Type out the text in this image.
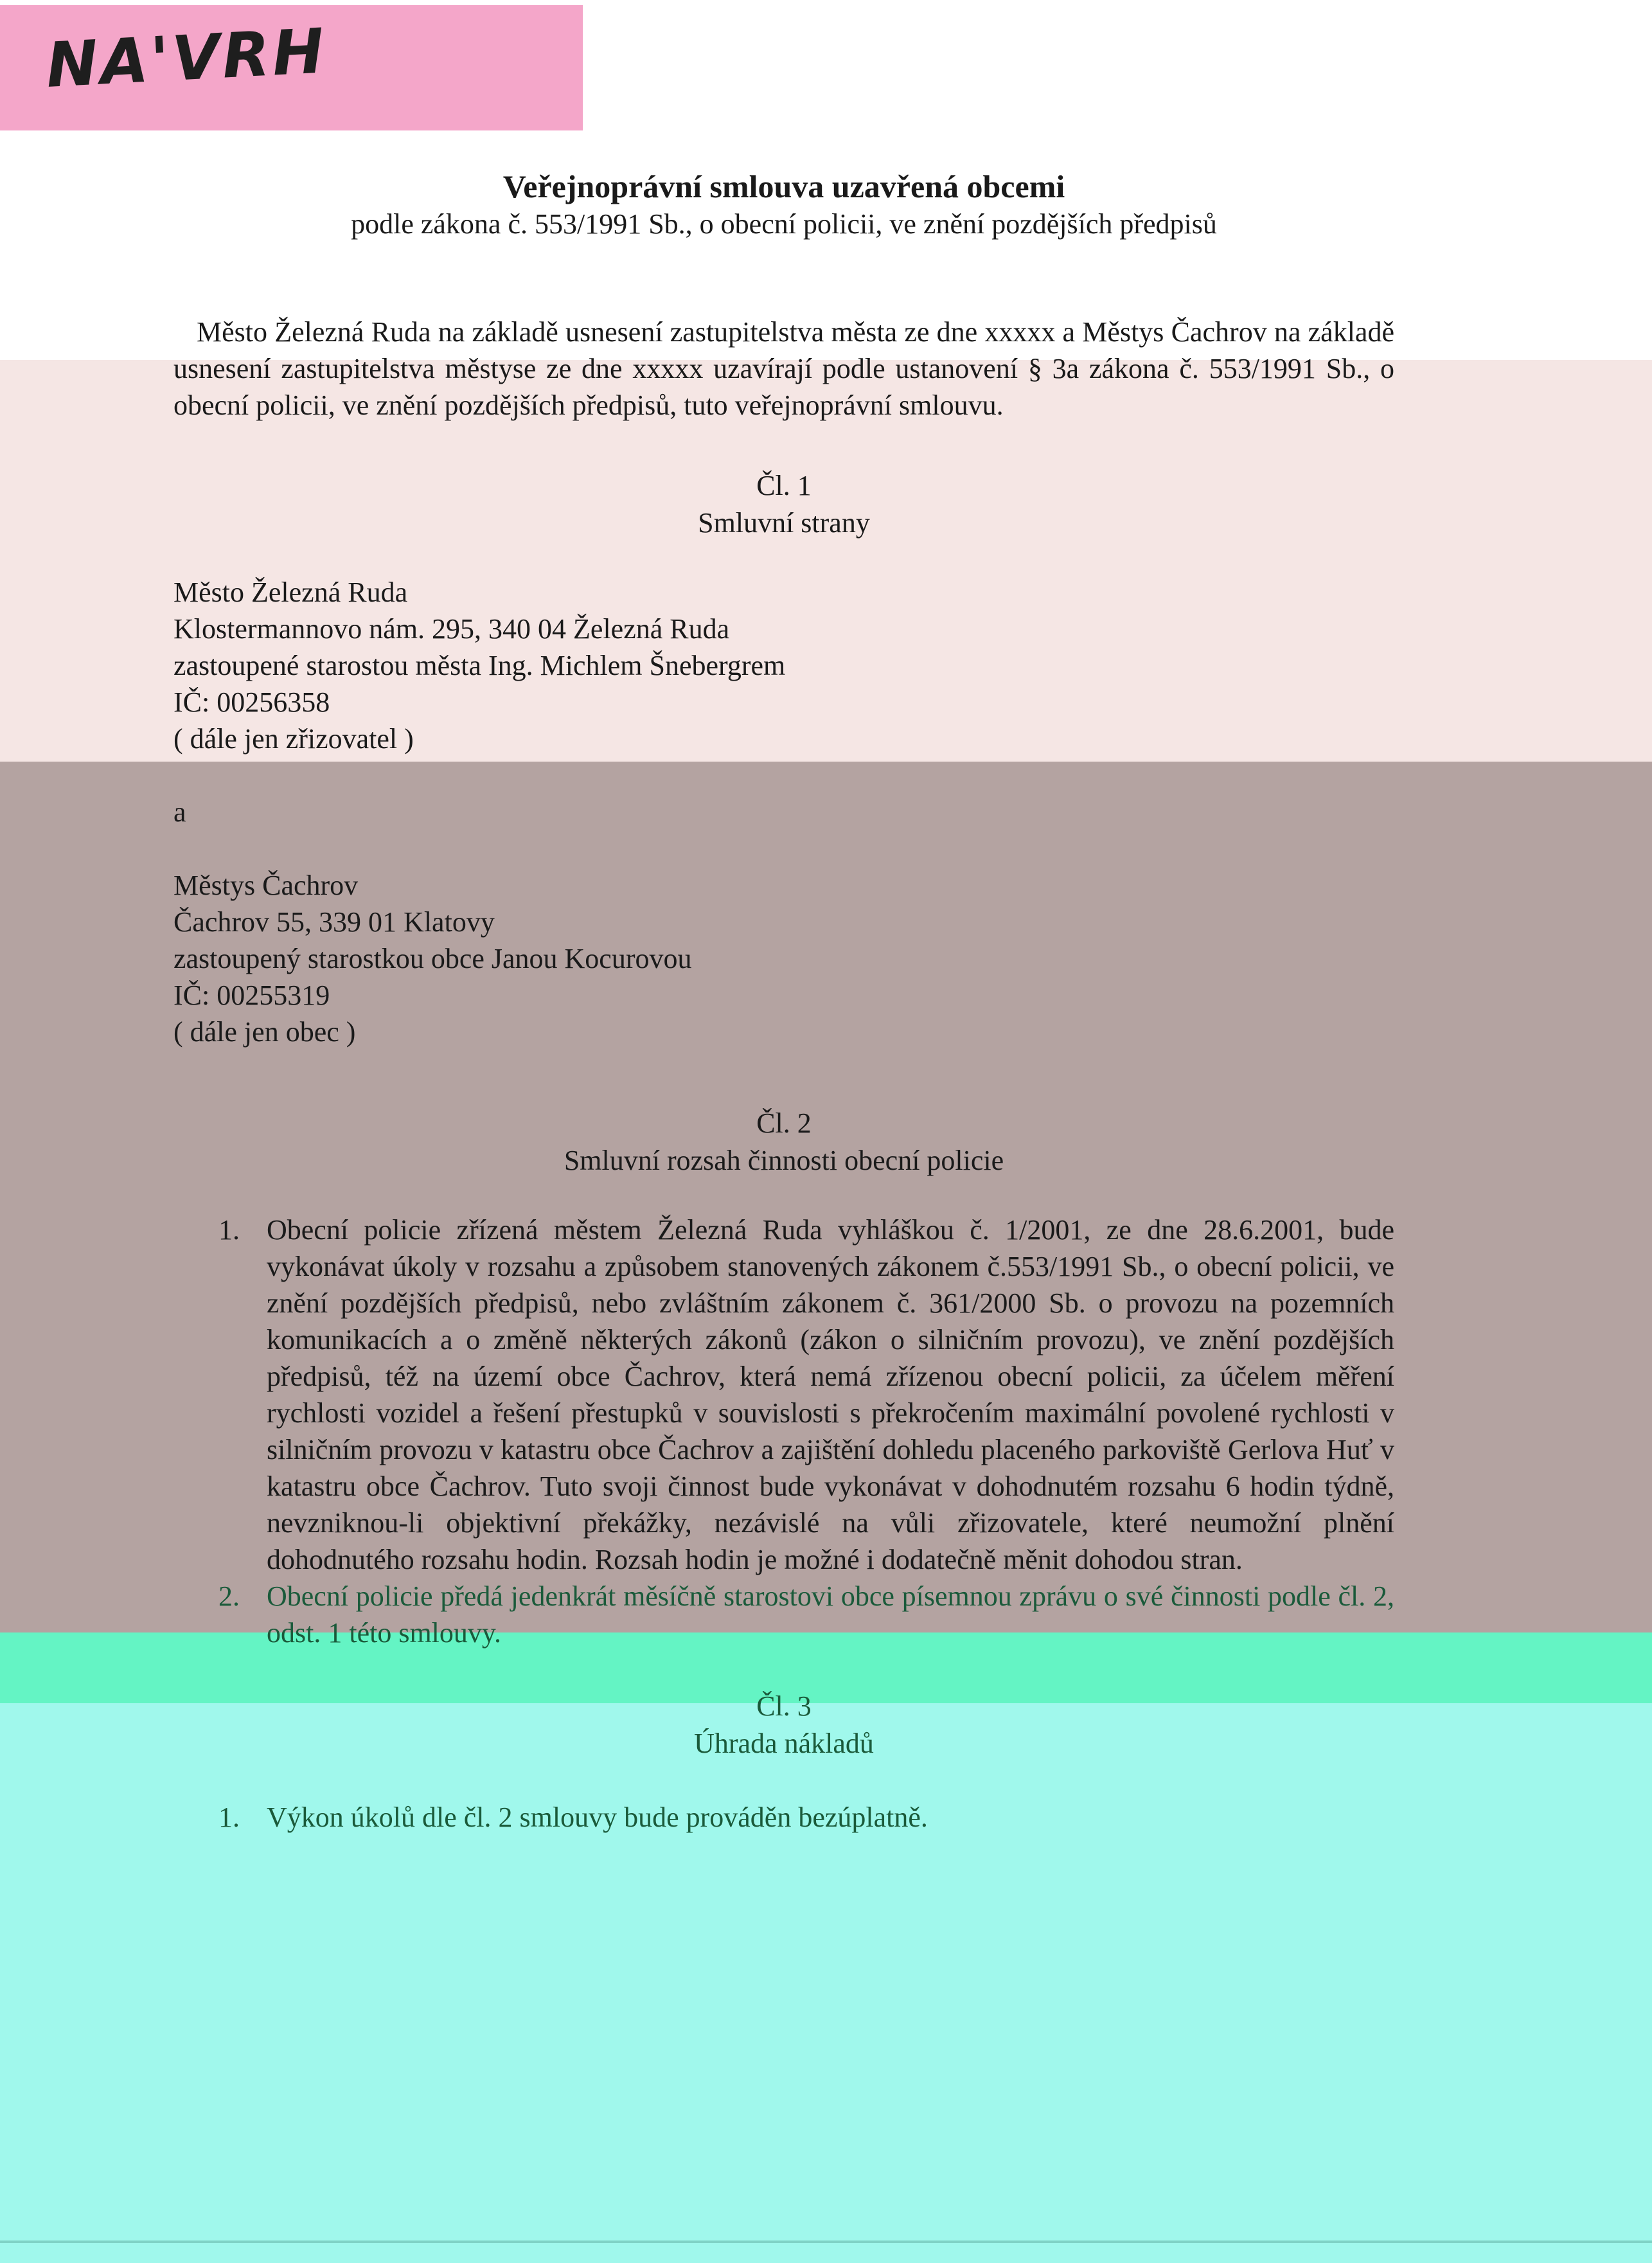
NA'VRH

Veřejnoprávní smlouva uzavřená obcemi

podle zákona č. 553/1991 Sb., o obecní policii, ve znění pozdějších předpisů

Město Železná Ruda na základě usnesení zastupitelstva města ze dne xxxxx a Městys Čachrov na základě usnesení zastupitelstva městyse ze dne xxxxx uzavírají podle ustanovení § 3a zákona č. 553/1991 Sb., o obecní policii, ve znění pozdějších předpisů, tuto veřejnoprávní smlouvu.

Čl. 1

Smluvní strany

Město Železná Ruda

Klostermannovo nám. 295, 340 04 Železná Ruda

zastoupené starostou města Ing. Michlem Šnebergrem

IČ: 00256358

( dále jen zřizovatel )

a

Městys Čachrov

Čachrov 55, 339 01 Klatovy

zastoupený starostkou obce Janou Kocurovou

IČ: 00255319

( dále jen obec )

Čl. 2

Smluvní rozsah činnosti obecní policie

1. Obecní policie zřízená městem Železná Ruda vyhláškou č. 1/2001, ze dne 28.6.2001, bude vykonávat úkoly v rozsahu a způsobem stanovených zákonem č.553/1991 Sb., o obecní policii, ve znění pozdějších předpisů, nebo zvláštním zákonem č. 361/2000 Sb. o provozu na pozemních komunikacích a o změně některých zákonů (zákon o silničním provozu), ve znění pozdějších předpisů, též na území obce Čachrov, která nemá zřízenou obecní policii, za účelem měření rychlosti vozidel a řešení přestupků v souvislosti s překročením maximální povolené rychlosti v silničním provozu v katastru obce Čachrov a zajištění dohledu placeného parkoviště Gerlova Huť v katastru obce Čachrov. Tuto svoji činnost bude vykonávat v dohodnutém rozsahu 6 hodin týdně, nevzniknou-li objektivní překážky, nezávislé na vůli zřizovatele, které neumožní plnění dohodnutého rozsahu hodin. Rozsah hodin je možné i dodatečně měnit dohodou stran.
2. Obecní policie předá jedenkrát měsíčně starostovi obce písemnou zprávu o své činnosti podle čl. 2, odst. 1 této smlouvy.

Čl. 3

Úhrada nákladů

1. Výkon úkolů dle čl. 2 smlouvy bude prováděn bezúplatně.
